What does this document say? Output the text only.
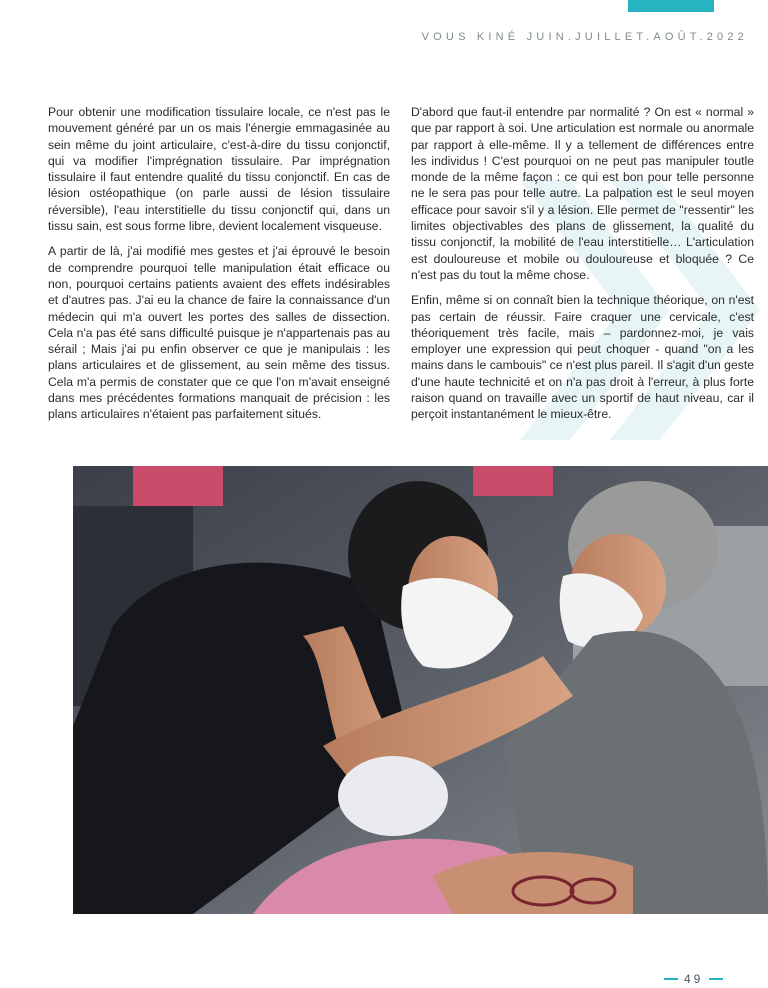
VOUS KINÉ JUIN.JUILLET.AOÛT.2022

Pour obtenir une modification tissulaire locale, ce n'est pas le mouvement généré par un os mais l'énergie emmagasinée au sein même du joint articulaire, c'est-à-dire du tissu conjonctif, qui va modifier l'imprégnation tissulaire. Par imprégnation tissulaire il faut entendre qualité du tissu conjonctif. En cas de lésion ostéopathique (on parle aussi de lésion tissulaire réversible), l'eau interstitielle du tissu conjonctif qui, dans un tissu sain, est sous forme libre, devient localement visqueuse.

A partir de là, j'ai modifié mes gestes et j'ai éprouvé le besoin de comprendre pourquoi telle manipulation était efficace ou non, pourquoi certains patients avaient des effets indésirables et d'autres pas. J'ai eu la chance de faire la connaissance d'un médecin qui m'a ouvert les portes des salles de dissection. Cela n'a pas été sans difficulté puisque je n'appartenais pas au sérail ; Mais j'ai pu enfin observer ce que je manipulais : les plans articulaires et de glissement, au sein même des tissus. Cela m'a permis de constater que ce que l'on m'avait enseigné dans mes précédentes formations manquait de précision : les plans articulaires n'étaient pas parfaitement situés.

D'abord que faut-il entendre par normalité ? On est « normal » que par rapport à soi. Une articulation est normale ou anormale par rapport à elle-même. Il y a tellement de différences entre les individus ! C'est pourquoi on ne peut pas manipuler toutle monde de la même façon : ce qui est bon pour telle personne ne le sera pas pour telle autre. La palpation est le seul moyen efficace pour savoir s'il y a lésion. Elle permet de "ressentir" les limites objectivables des plans de glissement, la qualité du tissu conjonctif, la mobilité de l'eau interstitielle… L'articulation est douloureuse et mobile ou douloureuse et bloquée ? Ce n'est pas du tout la même chose.

Enfin, même si on connaît bien la technique théorique, on n'est pas certain de réussir. Faire craquer une cervicale, c'est théoriquement très facile, mais – pardonnez-moi, je vais employer une expression qui peut choquer - quand "on a les mains dans le cambouis" ce n'est plus pareil. Il s'agit d'un geste d'une haute technicité et on n'a pas droit à l'erreur, à plus forte raison quand on travaille avec un sportif de haut niveau, car il perçoit instantanément le mieux-être.

49
